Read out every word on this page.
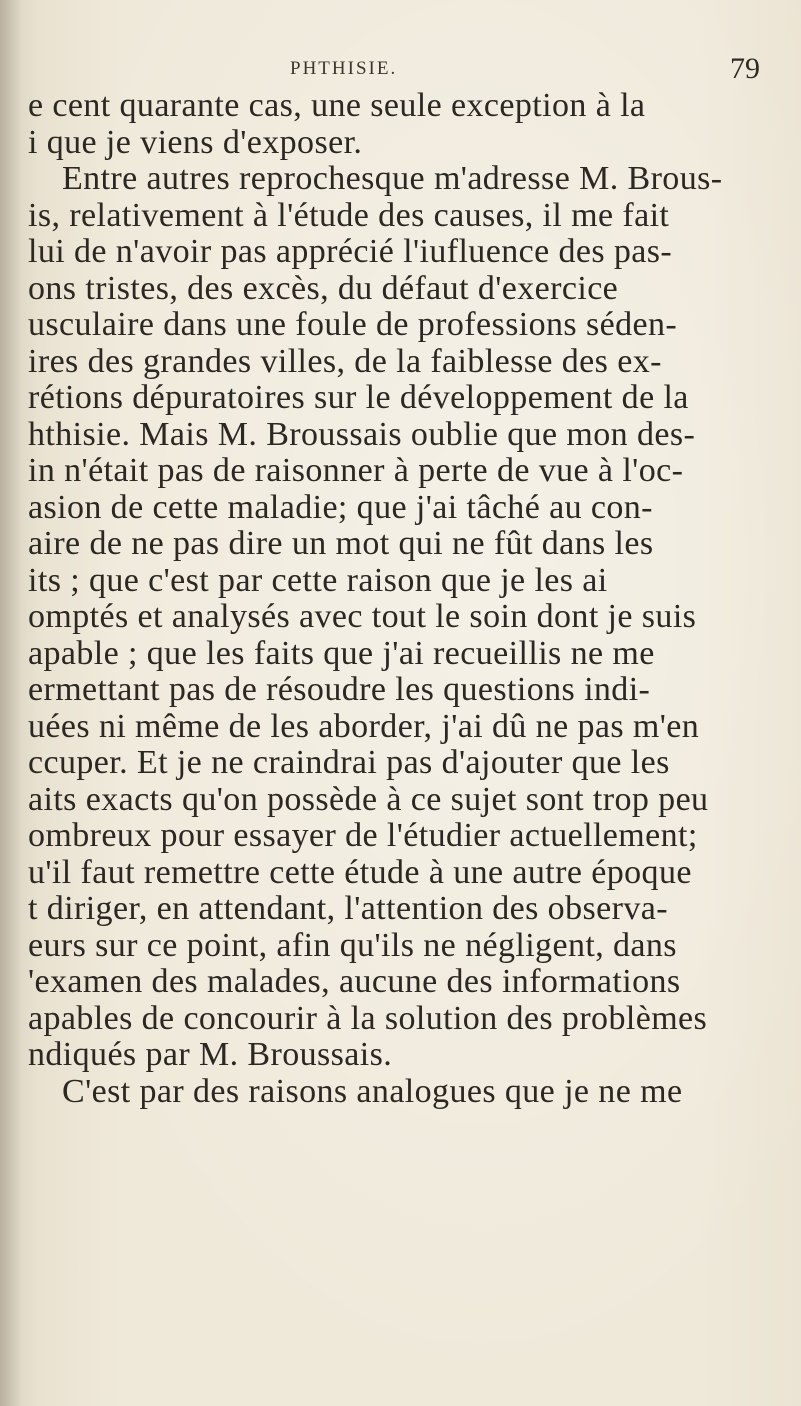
PHTHISIE.	79
e cent quarante cas, une seule exception à la
i que je viens d'exposer.
Entre autres reprochesque m'adresse M. Brous-
is, relativement à l'étude des causes, il me fait
lui de n'avoir pas apprécié l'iufluence des pas-
ons tristes, des excès, du défaut d'exercice
usculaire dans une foule de professions séden-
ires des grandes villes, de la faiblesse des ex-
rétions dépuratoires sur le développement de la
hthisie. Mais M. Broussais oublie que mon des-
in n'était pas de raisonner à perte de vue à l'oc-
asion de cette maladie; que j'ai tâché au con-
aire de ne pas dire un mot qui ne fût dans les
its ; que c'est par cette raison que je les ai
omptés et analysés avec tout le soin dont je suis
apable ; que les faits que j'ai recueillis ne me
ermettant pas de résoudre les questions indi-
uées ni même de les aborder, j'ai dû ne pas m'en
ccuper. Et je ne craindrai pas d'ajouter que les
aits exacts qu'on possède à ce sujet sont trop peu
ombreux pour essayer de l'étudier actuellement;
u'il faut remettre cette étude à une autre époque
t diriger, en attendant, l'attention des observa-
eurs sur ce point, afin qu'ils ne négligent, dans
'examen des malades, aucune des informations
apables de concourir à la solution des problèmes
ndiqués par M. Broussais.
C'est par des raisons analogues que je ne me
